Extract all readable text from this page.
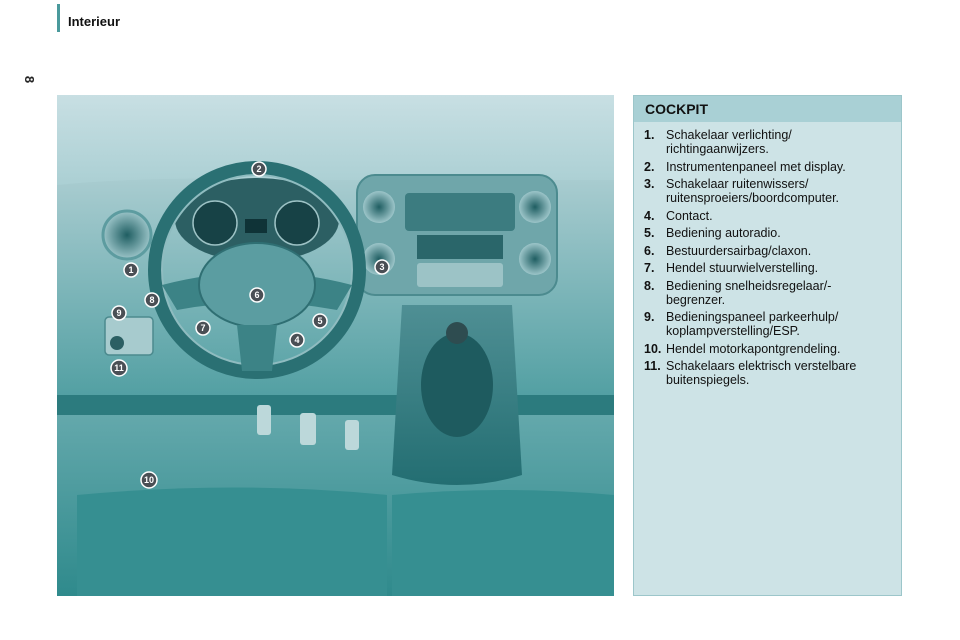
Interieur
8
1
2
3
4
5
6
7
8
9
10
11
COCKPIT
1. Schakelaar verlichting/ richtingaanwijzers.
2. Instrumentenpaneel met display.
3. Schakelaar ruitenwissers/ ruitensproeiers/boordcomputer.
4. Contact.
5. Bediening autoradio.
6. Bestuurdersairbag/claxon.
7. Hendel stuurwielverstelling.
8. Bediening snelheidsregelaar/- begrenzer.
9. Bedieningspaneel parkeerhulp/ koplampverstelling/ESP.
10. Hendel motorkapontgrendeling.
11. Schakelaars elektrisch verstelbare buitenspiegels.
